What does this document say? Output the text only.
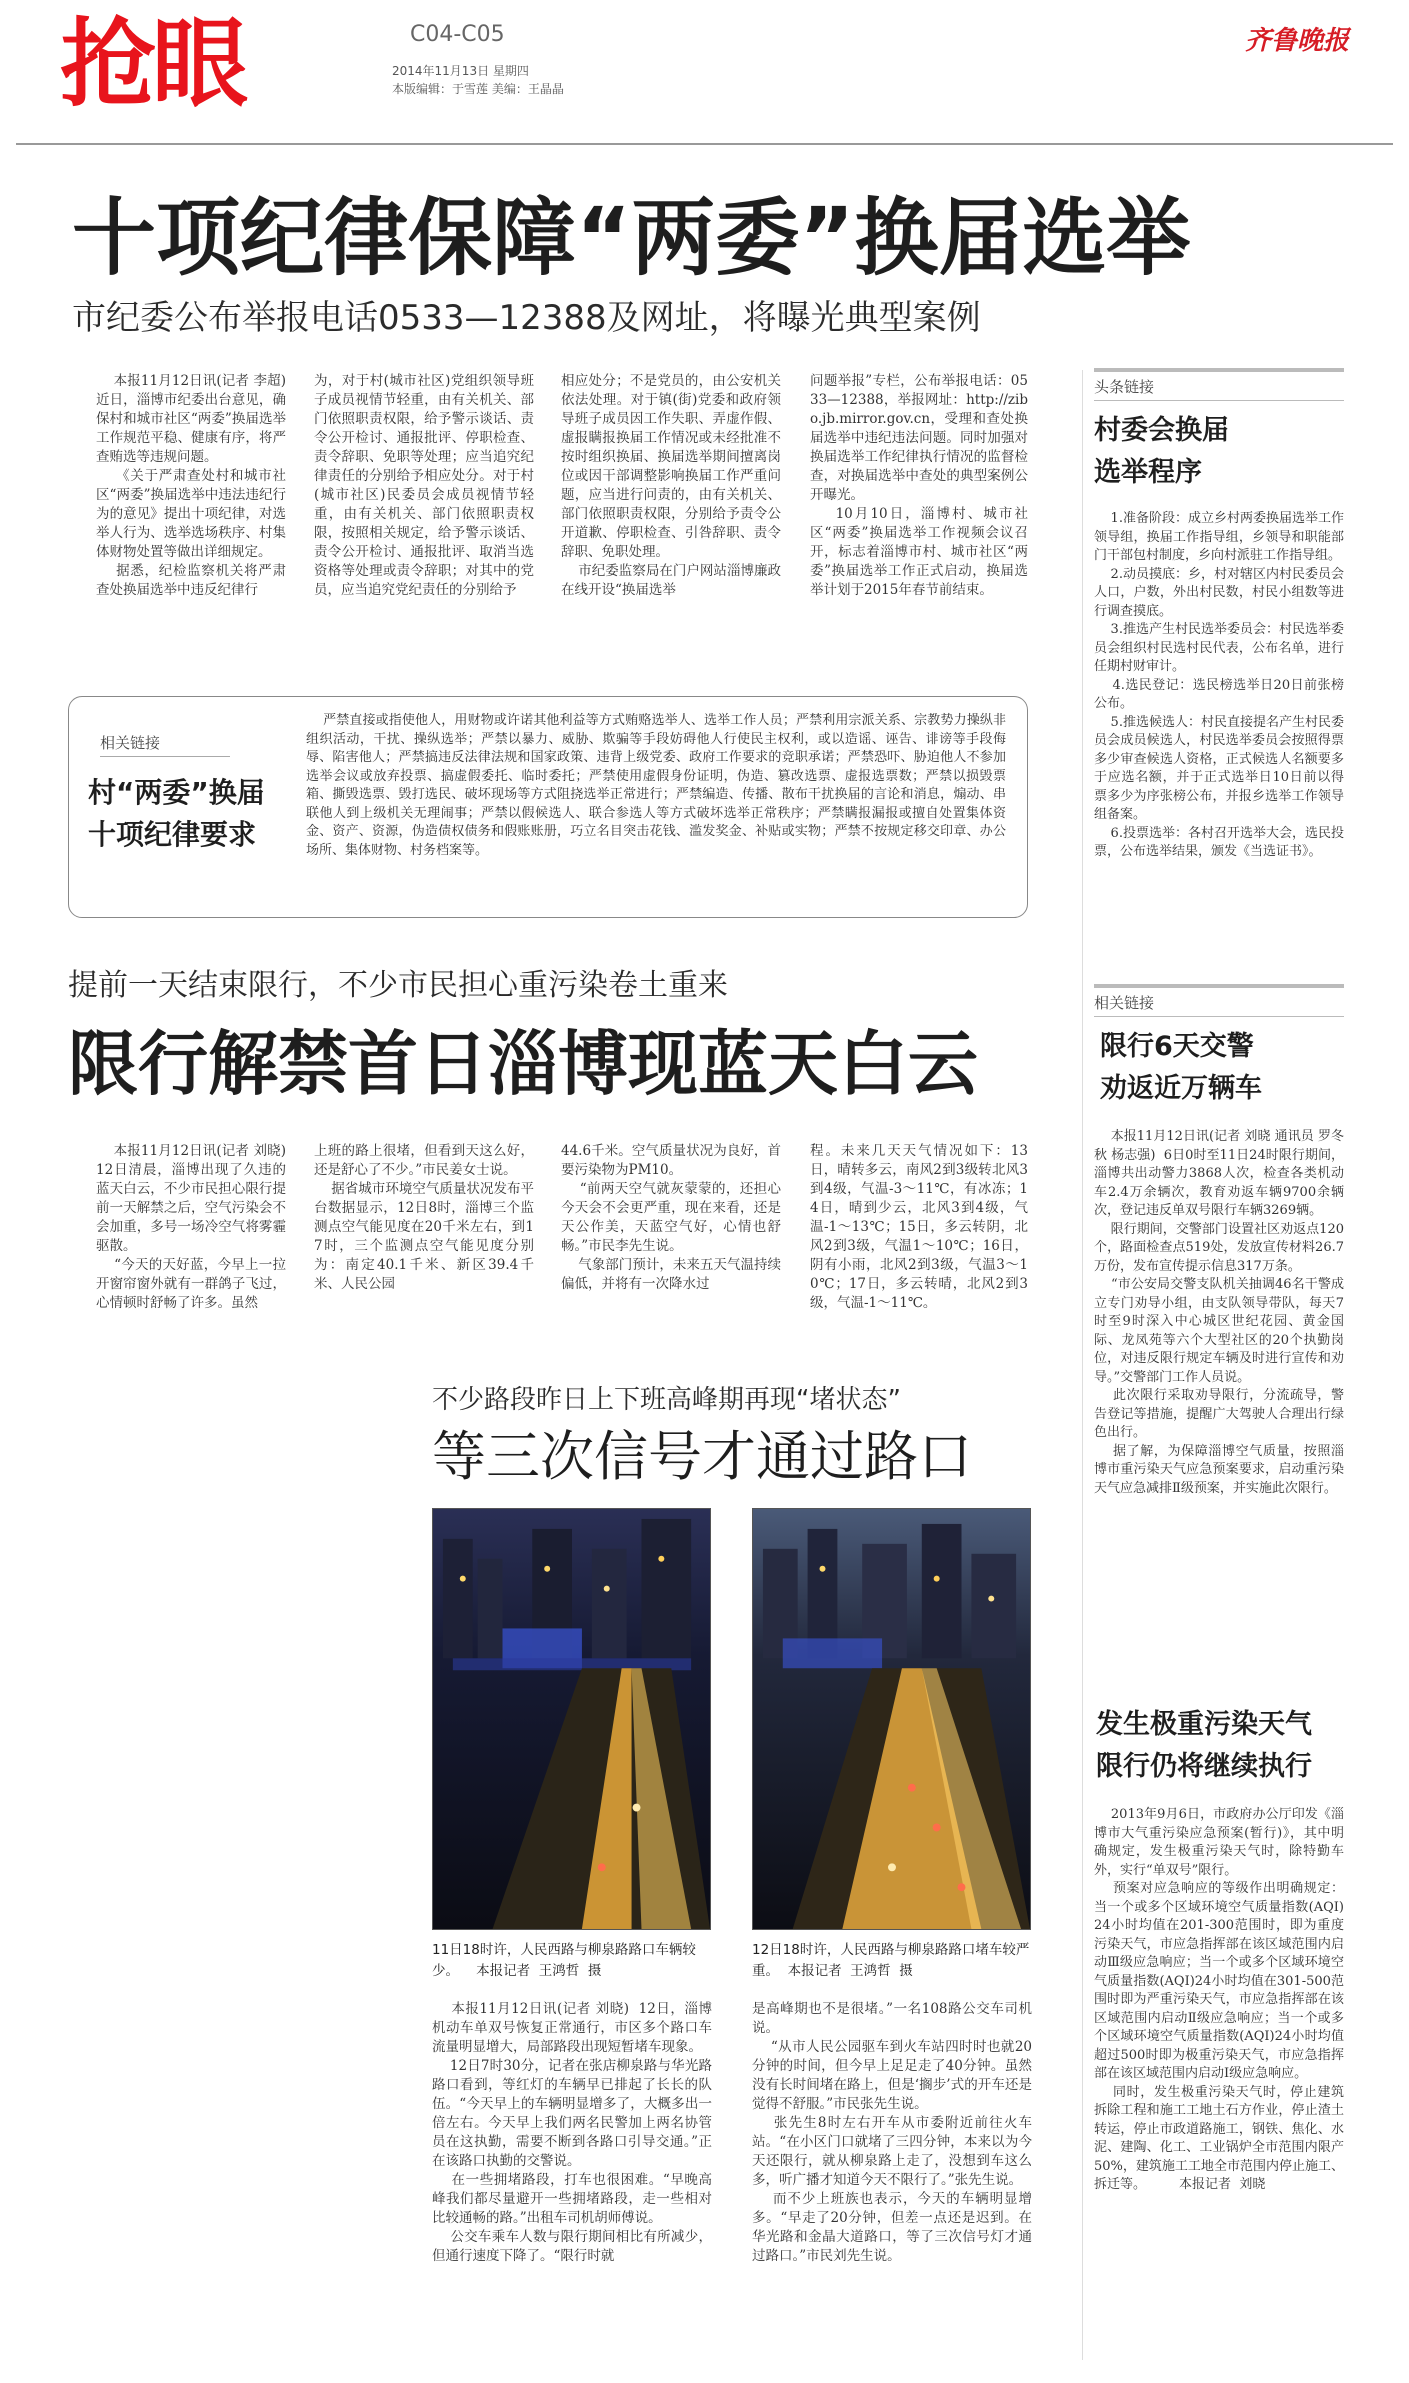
抢眼	C04-C05
2014年11月13日 星期四
本版编辑：于雪莲 美编：王晶晶
齐鲁晚报
十项纪律保障“两委”换届选举
市纪委公布举报电话0533—12388及网址，将曝光典型案例
本报11月12日讯(记者 李超)  近日，淄博市纪委出台意见，确保村和城市社区“两委”换届选举工作规范平稳、健康有序，将严查贿选等违规问题。
《关于严肃查处村和城市社区“两委”换届选举中违法违纪行为的意见》提出十项纪律，对选举人行为、选举选场秩序、村集体财物处置等做出详细规定。
据悉，纪检监察机关将严肃查处换届选举中违反纪律行
为，对于村(城市社区)党组织领导班子成员视情节轻重，由有关机关、部门依照职责权限，给予警示谈话、责令公开检讨、通报批评、停职检查、责令辞职、免职等处理；应当追究纪律责任的分别给予相应处分。对于村(城市社区)民委员会成员视情节轻重，由有关机关、部门依照职责权限，按照相关规定，给予警示谈话、责令公开检讨、通报批评、取消当选资格等处理或责令辞职；对其中的党员，应当追究党纪责任的分别给予
相应处分；不是党员的，由公安机关依法处理。对于镇(街)党委和政府领导班子成员因工作失职、弄虚作假、虚报瞒报换届工作情况或未经批准不按时组织换届、换届选举期间擅离岗位或因干部调整影响换届工作严重问题，应当进行问责的，由有关机关、部门依照职责权限，分别给予责令公开道歉、停职检查、引咎辞职、责令辞职、免职处理。
市纪委监察局在门户网站淄博廉政在线开设“换届选举
问题举报”专栏，公布举报电话：0533—12388，举报网址：http://zibo.jb.mirror.gov.cn，受理和查处换届选举中违纪违法问题。同时加强对换届选举工作纪律执行情况的监督检查，对换届选举中查处的典型案例公开曝光。
10月10日，淄博村、城市社区“两委”换届选举工作视频会议召开，标志着淄博市村、城市社区“两委”换届选举工作正式启动，换届选举计划于2015年春节前结束。
相关链接
村“两委”换届
十项纪律要求
严禁直接或指使他人，用财物或许诺其他利益等方式贿赂选举人、选举工作人员；严禁利用宗派关系、宗教势力操纵非组织活动，干扰、操纵选举；严禁以暴力、威胁、欺骗等手段妨碍他人行使民主权利，或以造谣、诬告、诽谤等手段侮辱、陷害他人；严禁搞违反法律法规和国家政策、违背上级党委、政府工作要求的竞职承诺；严禁恐吓、胁迫他人不参加选举会议或放弃投票、搞虚假委托、临时委托；严禁使用虚假身份证明，伪造、篡改选票、虚报选票数；严禁以损毁票箱、撕毁选票、毁打选民、破坏现场等方式阻挠选举正常进行；严禁编造、传播、散布干扰换届的言论和消息，煽动、串联他人到上级机关无理闹事；严禁以假候选人、联合参选人等方式破坏选举正常秩序；严禁瞒报漏报或擅自处置集体资金、资产、资源，伪造债权债务和假账账册，巧立名目突击花钱、滥发奖金、补贴或实物；严禁不按规定移交印章、办公场所、集体财物、村务档案等。
提前一天结束限行，不少市民担心重污染卷土重来
限行解禁首日淄博现蓝天白云
本报11月12日讯(记者 刘晓)  12日清晨，淄博出现了久违的蓝天白云，不少市民担心限行提前一天解禁之后，空气污染会不会加重，多号一场冷空气将雾霾驱散。
“今天的天好蓝，今早上一拉开窗帘窗外就有一群鸽子飞过，心情顿时舒畅了许多。虽然
上班的路上很堵，但看到天这么好，还是舒心了不少。”市民姜女士说。
据省城市环境空气质量状况发布平台数据显示，12日8时，淄博三个监测点空气能见度在20千米左右，到17时，三个监测点空气能见度分别为：南定40.1千米、新区39.4千米、人民公园
44.6千米。空气质量状况为良好，首要污染物为PM10。
“前两天空气就灰蒙蒙的，还担心今天会不会更严重，现在来看，还是天公作美，天蓝空气好，心情也舒畅。”市民李先生说。
气象部门预计，未来五天气温持续偏低，并将有一次降水过
程。未来几天天气情况如下：13日，晴转多云，南风2到3级转北风3到4级，气温-3～11℃，有冰冻；14日，晴到少云，北风3到4级，气温-1～13℃；15日，多云转阴，北风2到3级，气温1～10℃；16日，阴有小雨，北风2到3级，气温3～10℃；17日，多云转晴，北风2到3级，气温-1～11℃。
不少路段昨日上下班高峰期再现“堵状态”
等三次信号才通过路口
11日18时许，人民西路与柳泉路路口车辆较少。    本报记者  王鸿哲  摄
12日18时许，人民西路与柳泉路路口堵车较严重。  本报记者  王鸿哲  摄
本报11月12日讯(记者 刘晓)  12日，淄博机动车单双号恢复正常通行，市区多个路口车流量明显增大，局部路段出现短暂堵车现象。
12日7时30分，记者在张店柳泉路与华光路路口看到，等红灯的车辆早已排起了长长的队伍。“今天早上的车辆明显增多了，大概多出一倍左右。今天早上我们两名民警加上两名协管员在这执勤，需要不断到各路口引导交通。”正在该路口执勤的交警说。
在一些拥堵路段，打车也很困难。“早晚高峰我们都尽量避开一些拥堵路段，走一些相对比较通畅的路。”出租车司机胡师傅说。
公交车乘车人数与限行期间相比有所减少，但通行速度下降了。“限行时就
是高峰期也不是很堵。”一名108路公交车司机说。
“从市人民公园驱车到火车站四时时也就20分钟的时间，但今早上足足走了40分钟。虽然没有长时间堵在路上，但是‘搁步’式的开车还是觉得不舒服。”市民张先生说。
张先生8时左右开车从市委附近前往火车站。“在小区门口就堵了三四分钟，本来以为今天还限行，就从柳泉路上走了，没想到车这么多，听广播才知道今天不限行了。”张先生说。
而不少上班族也表示，今天的车辆明显增多。“早走了20分钟，但差一点还是迟到。在华光路和金晶大道路口，等了三次信号灯才通过路口。”市民刘先生说。
头条链接
村委会换届
选举程序
1.准备阶段：成立乡村两委换届选举工作领导组，换届工作指导组，乡领导和职能部门干部包村制度，乡向村派驻工作指导组。
2.动员摸底：乡，村对辖区内村民委员会人口，户数，外出村民数，村民小组数等进行调查摸底。
3.推选产生村民选举委员会：村民选举委员会组织村民选村民代表，公布名单，进行任期村财审计。
4.选民登记：选民榜选举日20日前张榜公布。
5.推选候选人：村民直接提名产生村民委员会成员候选人，村民选举委员会按照得票多少审查候选人资格，正式候选人名额要多于应选名额，并于正式选举日10日前以得票多少为序张榜公布，并报乡选举工作领导组备案。
6.投票选举：各村召开选举大会，选民投票，公布选举结果，颁发《当选证书》。
相关链接
限行6天交警
劝返近万辆车
本报11月12日讯(记者 刘晓 通讯员 罗冬秋 杨志强)  6日0时至11日24时限行期间，淄博共出动警力3868人次，检查各类机动车2.4万余辆次，教育劝返车辆9700余辆次，登记违反单双号限行车辆3269辆。
限行期间，交警部门设置社区劝返点120个，路面检查点519处，发放宣传材料26.7万份，发布宣传提示信息317万条。
“市公安局交警支队机关抽调46名干警成立专门劝导小组，由支队领导带队，每天7时至9时深入中心城区世纪花园、黄金国际、龙凤苑等六个大型社区的20个执勤岗位，对违反限行规定车辆及时进行宣传和劝导。”交警部门工作人员说。
此次限行采取劝导限行，分流疏导，警告登记等措施，提醒广大驾驶人合理出行绿色出行。
据了解，为保障淄博空气质量，按照淄博市重污染天气应急预案要求，启动重污染天气应急减排Ⅱ级预案，并实施此次限行。
发生极重污染天气
限行仍将继续执行
2013年9月6日，市政府办公厅印发《淄博市大气重污染应急预案(暂行)》，其中明确规定，发生极重污染天气时，除特勤车外，实行“单双号”限行。
预案对应急响应的等级作出明确规定：当一个或多个区域环境空气质量指数(AQI)24小时均值在201-300范围时，即为重度污染天气，市应急指挥部在该区域范围内启动Ⅲ级应急响应；当一个或多个区域环境空气质量指数(AQI)24小时均值在301-500范围时即为严重污染天气，市应急指挥部在该区域范围内启动Ⅱ级应急响应；当一个或多个区域环境空气质量指数(AQI)24小时均值超过500时即为极重污染天气，市应急指挥部在该区域范围内启动Ⅰ级应急响应。
同时，发生极重污染天气时，停止建筑拆除工程和施工工地土石方作业，停止渣土转运，停止市政道路施工，钢铁、焦化、水泥、建陶、化工、工业锅炉全市范围内限产50%，建筑施工工地全市范围内停止施工、拆迁等。        本报记者  刘晓
